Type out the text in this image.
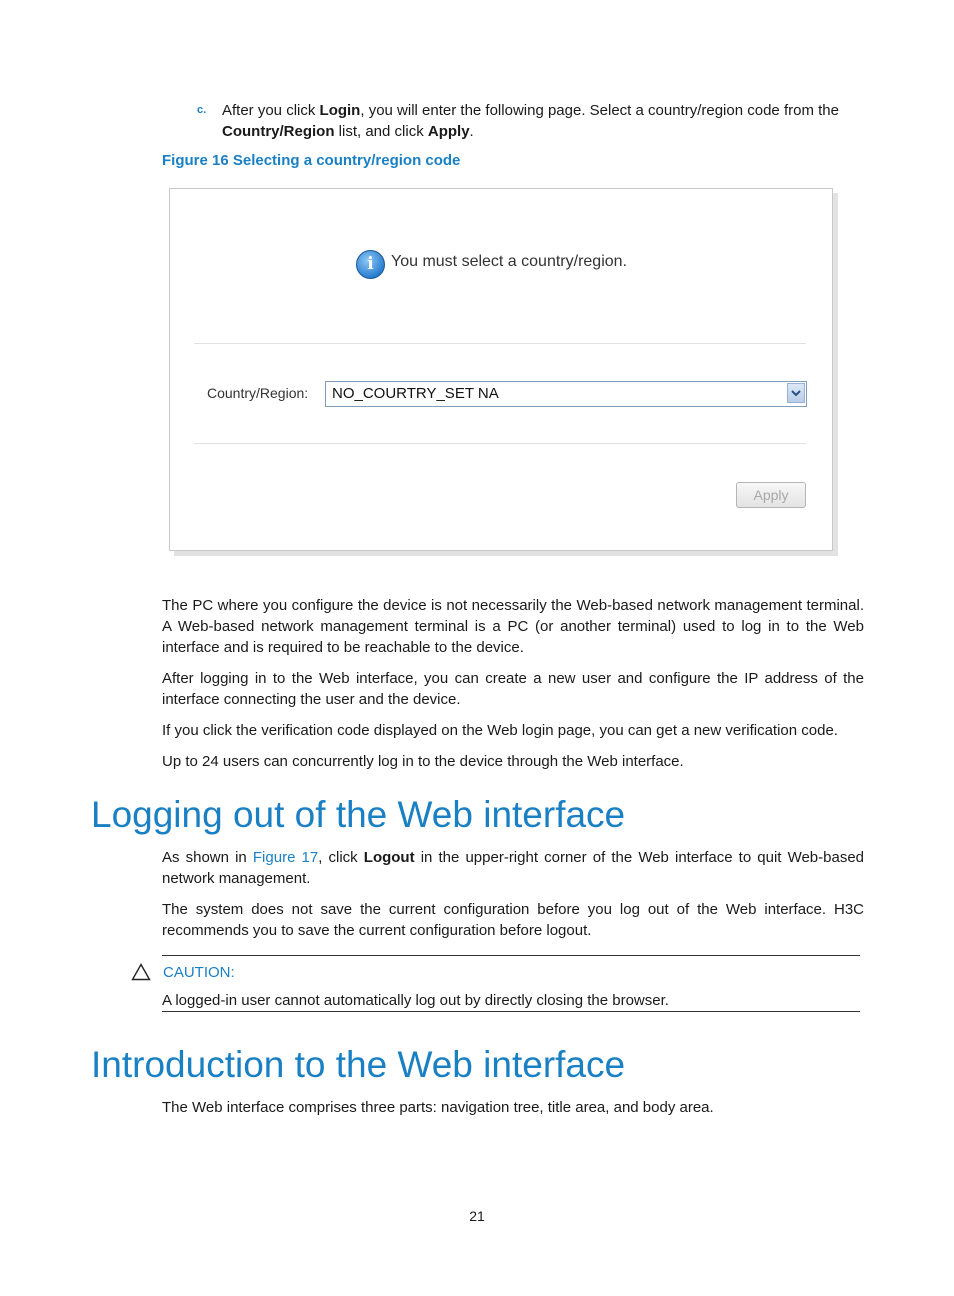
c. After you click Login, you will enter the following page. Select a country/region code from the
Country/Region list, and click Apply.
Figure 16 Selecting a country/region code
i	You must select a country/region.
Country/Region: NO_COURTRY_SET NA
Apply
The PC where you configure the device is not necessarily the Web-based network management terminal. A Web-based network management terminal is a PC (or another terminal) used to log in to the Web interface and is required to be reachable to the device.
After logging in to the Web interface, you can create a new user and configure the IP address of the interface connecting the user and the device.
If you click the verification code displayed on the Web login page, you can get a new verification code.
Up to 24 users can concurrently log in to the device through the Web interface.
Logging out of the Web interface
As shown in Figure 17, click Logout in the upper-right corner of the Web interface to quit Web-based network management.
The system does not save the current configuration before you log out of the Web interface. H3C recommends you to save the current configuration before logout.
CAUTION:
A logged-in user cannot automatically log out by directly closing the browser.
Introduction to the Web interface
The Web interface comprises three parts: navigation tree, title area, and body area.
21
